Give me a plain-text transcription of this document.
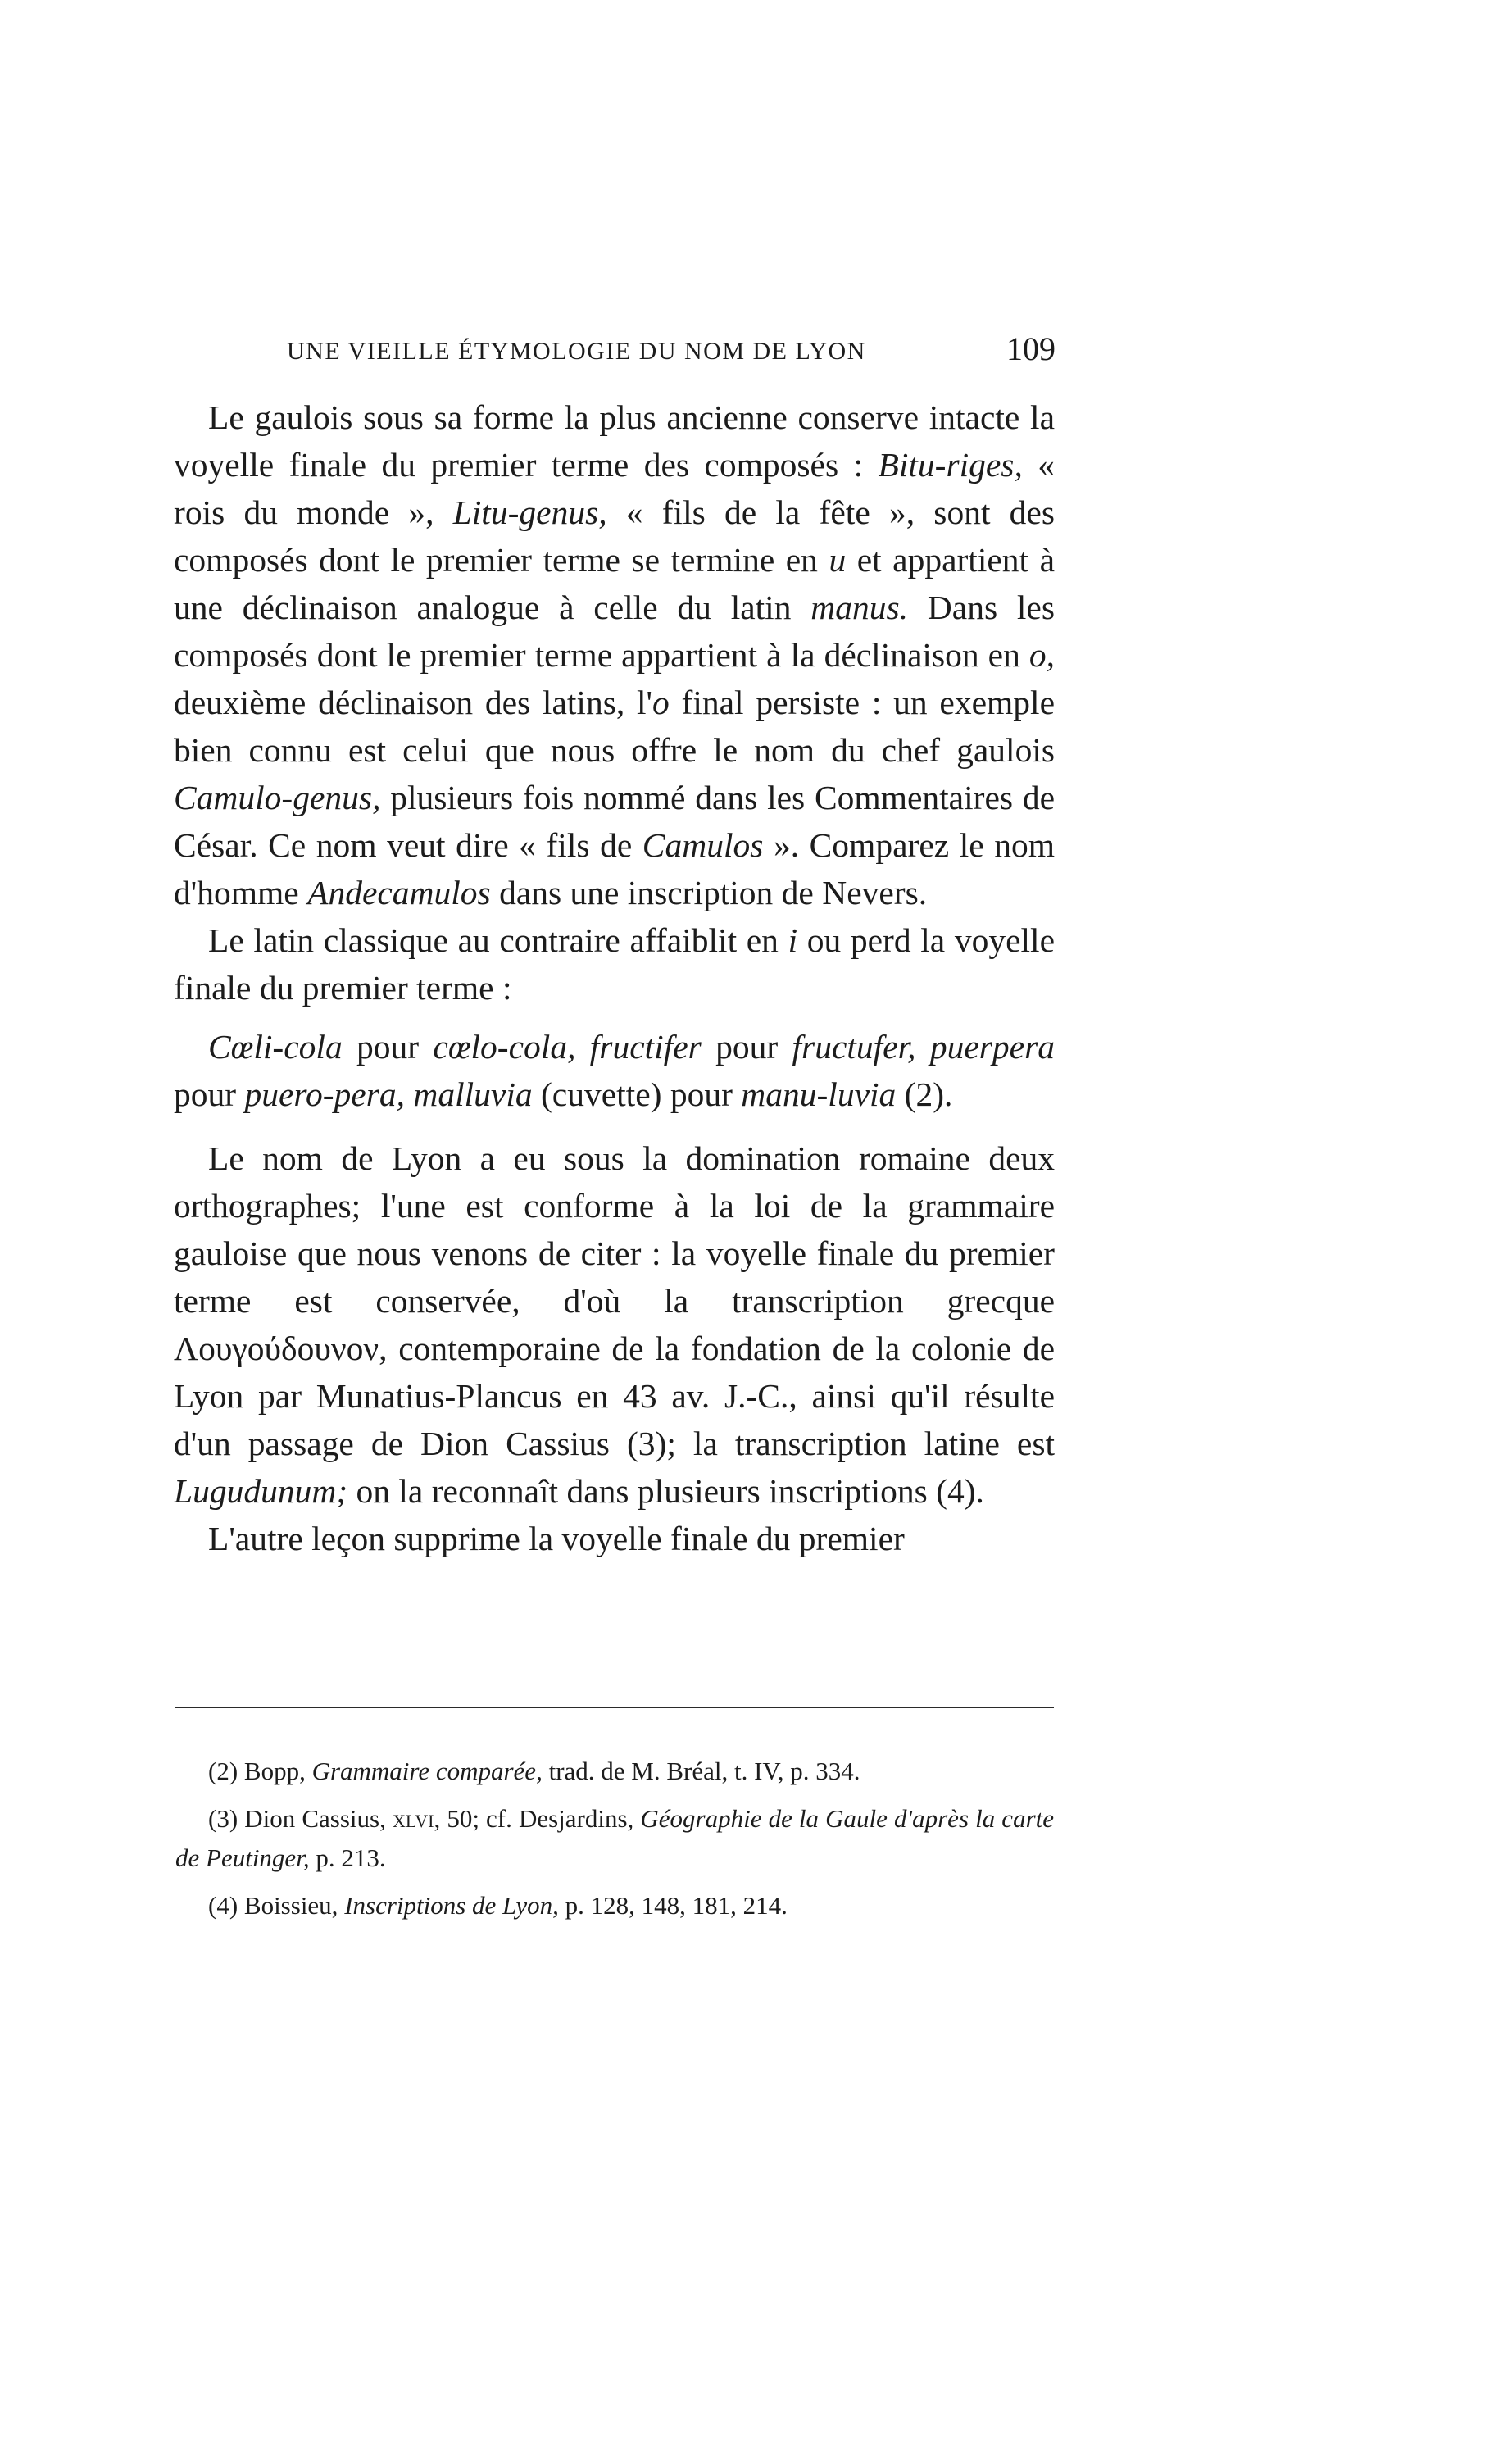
UNE VIEILLE ÉTYMOLOGIE DU NOM DE LYON	109

Le gaulois sous sa forme la plus ancienne conserve intacte la voyelle finale du premier terme des composés : Bitu-riges, « rois du monde », Litu-genus, « fils de la fête », sont des composés dont le premier terme se termine en u et appartient à une déclinaison analogue à celle du latin manus. Dans les composés dont le premier terme appartient à la déclinaison en o, deuxième déclinaison des latins, l'o final persiste : un exemple bien connu est celui que nous offre le nom du chef gaulois Camulo-genus, plusieurs fois nommé dans les Commentaires de César. Ce nom veut dire « fils de Camulos ». Comparez le nom d'homme Andecamulos dans une inscription de Nevers.

Le latin classique au contraire affaiblit en i ou perd la voyelle finale du premier terme :

Cœli-cola pour cœlo-cola, fructifer pour fructufer, puerpera pour puero-pera, malluvia (cuvette) pour manu-luvia (2).

Le nom de Lyon a eu sous la domination romaine deux orthographes; l'une est conforme à la loi de la grammaire gauloise que nous venons de citer : la voyelle finale du premier terme est conservée, d'où la transcription grecque Λουγούδουνον, contemporaine de la fondation de la colonie de Lyon par Munatius-Plancus en 43 av. J.-C., ainsi qu'il résulte d'un passage de Dion Cassius (3); la transcription latine est Lugudunum; on la reconnaît dans plusieurs inscriptions (4).

L'autre leçon supprime la voyelle finale du premier

(2) Bopp, Grammaire comparée, trad. de M. Bréal, t. IV, p. 334.

(3) Dion Cassius, xlvi, 50; cf. Desjardins, Géographie de la Gaule d'après la carte de Peutinger, p. 213.

(4) Boissieu, Inscriptions de Lyon, p. 128, 148, 181, 214.
